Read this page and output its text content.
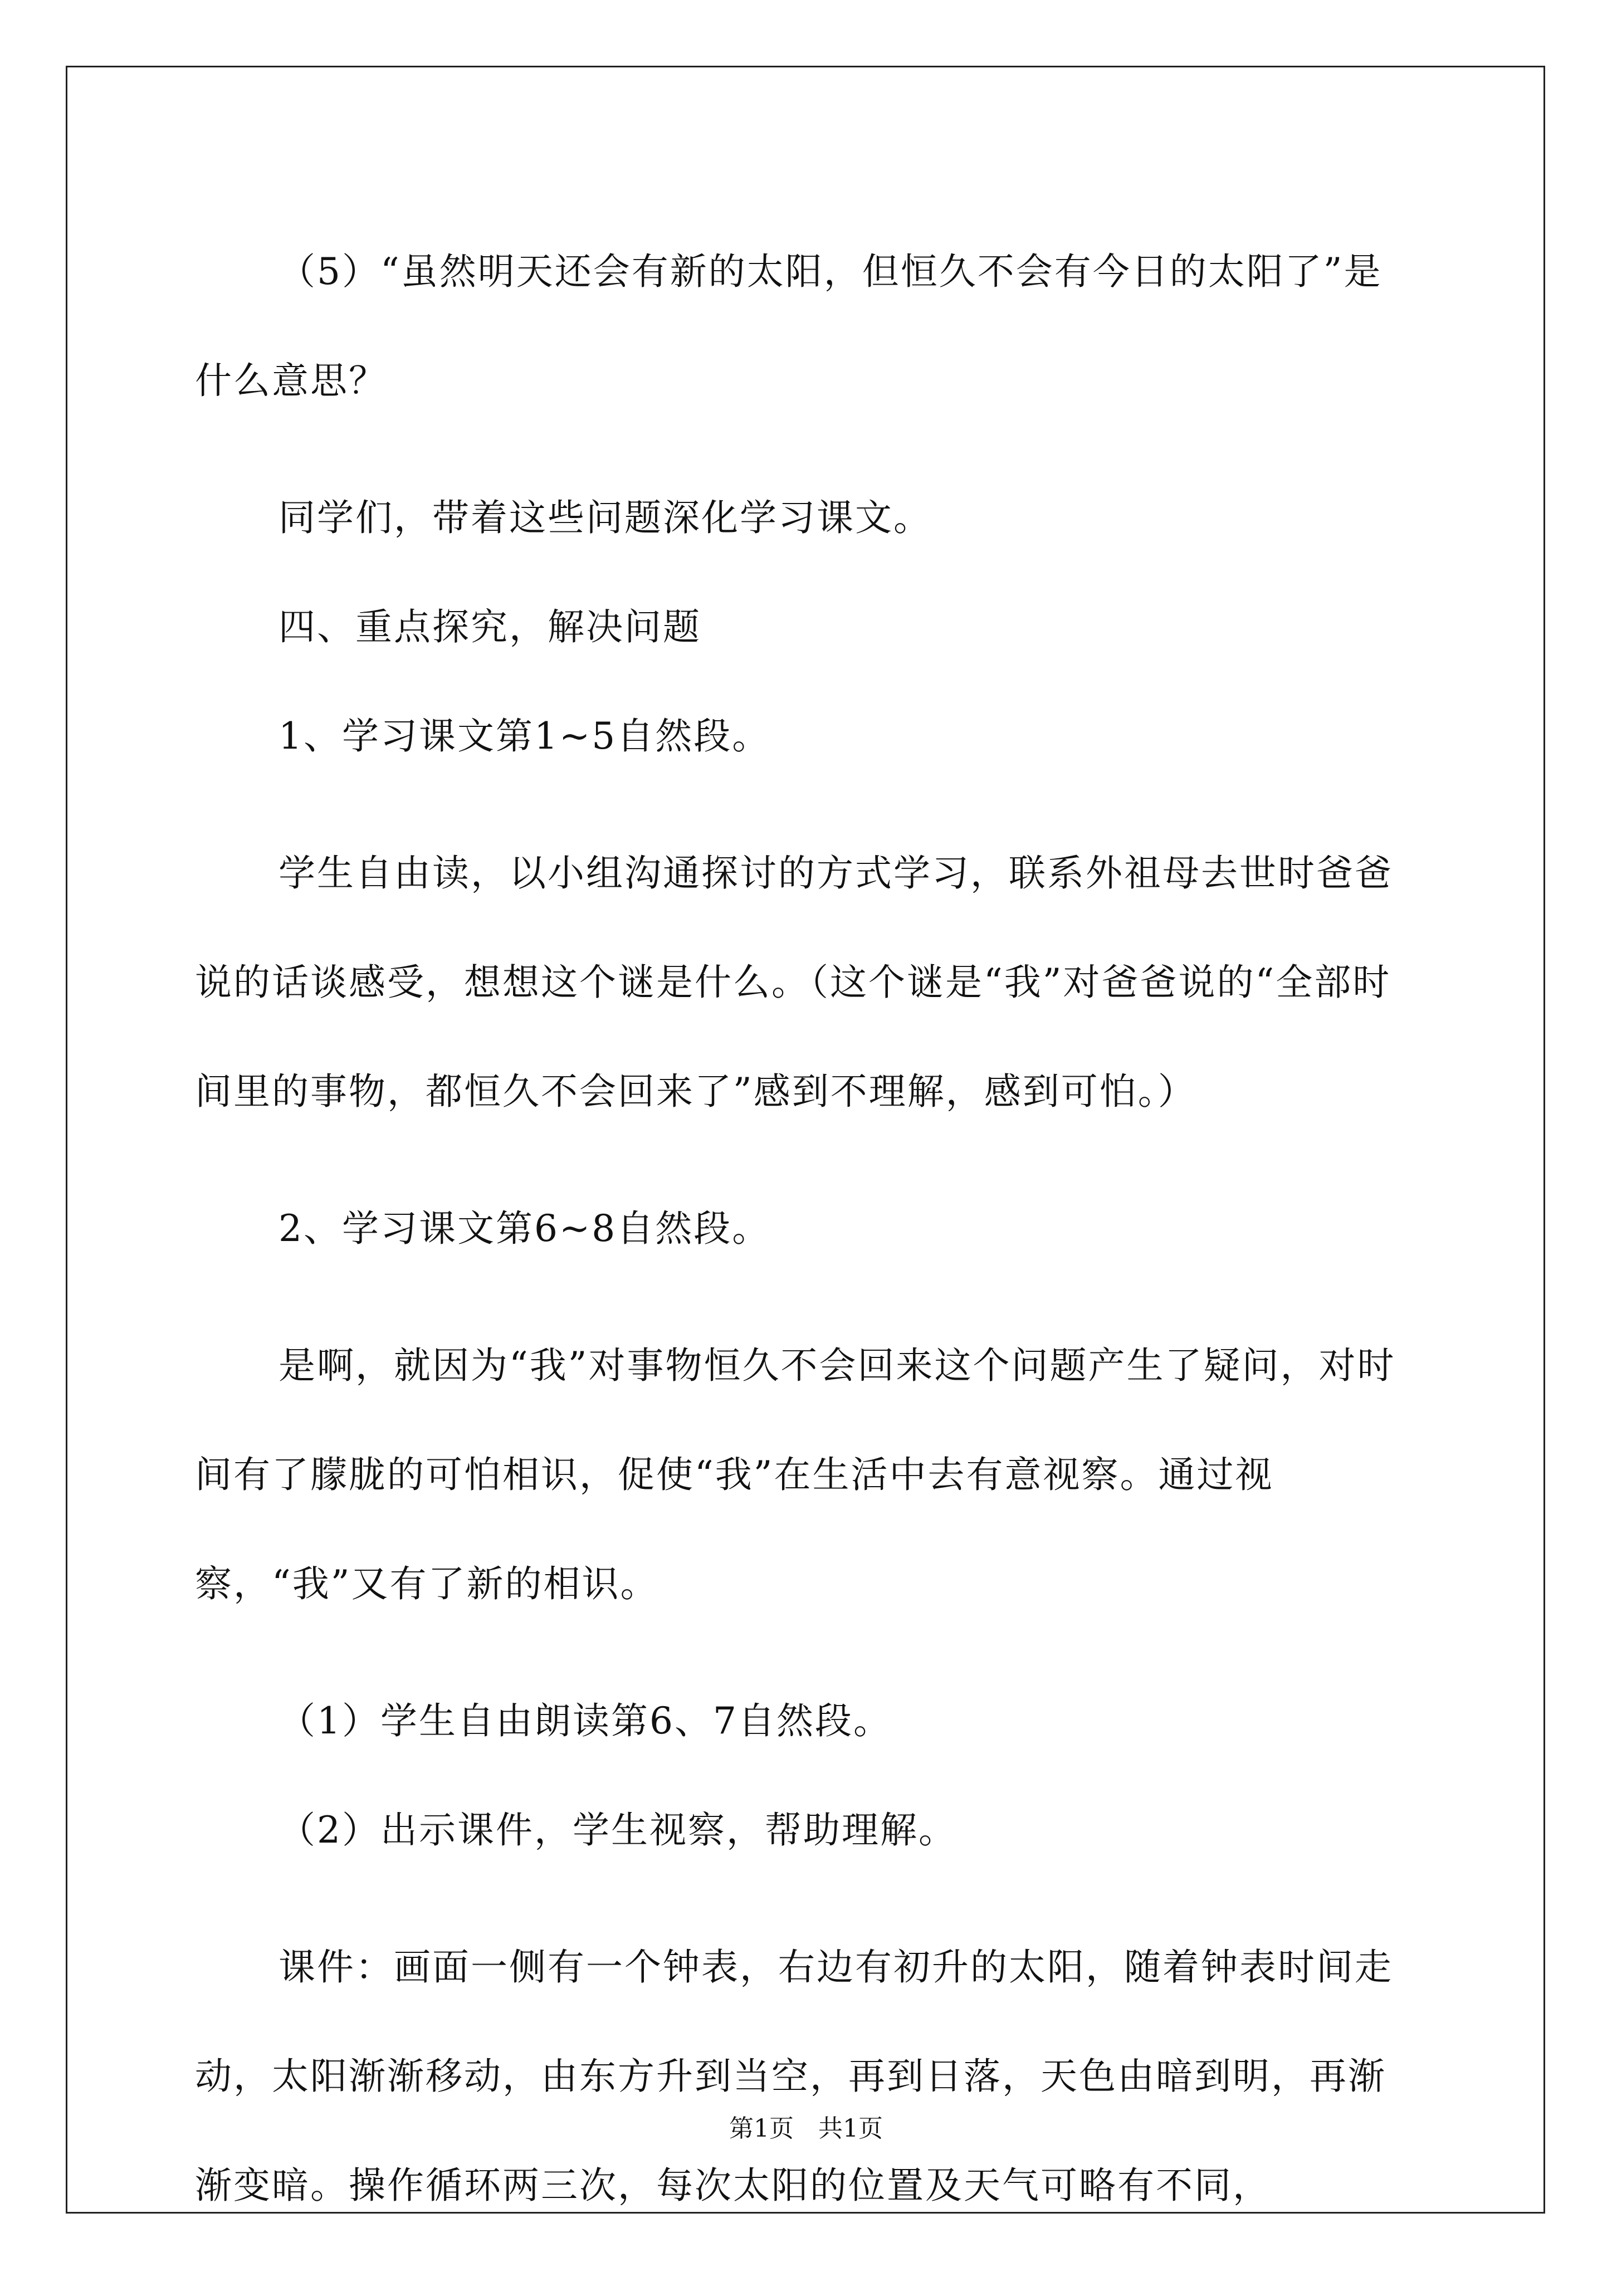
（5）“虽然明天还会有新的太阳，但恒久不会有今日的太阳了”是什么意思？

同学们，带着这些问题深化学习课文。

四、重点探究，解决问题

1、学习课文第1~5自然段。

学生自由读，以小组沟通探讨的方式学习，联系外祖母去世时爸爸说的话谈感受，想想这个谜是什么。（这个谜是“我”对爸爸说的“全部时间里的事物，都恒久不会回来了”感到不理解，感到可怕。）

2、学习课文第6~8自然段。

是啊，就因为“我”对事物恒久不会回来这个问题产生了疑问，对时间有了朦胧的可怕相识，促使“我”在生活中去有意视察。通过视察，“我”又有了新的相识。

（1）学生自由朗读第6、7自然段。

（2）出示课件，学生视察，帮助理解。

课件：画面一侧有一个钟表，右边有初升的太阳，随着钟表时间走动，太阳渐渐移动，由东方升到当空，再到日落，天色由暗到明，再渐渐变暗。操作循环两三次，每次太阳的位置及天气可略有不同，

第1页　共1页
